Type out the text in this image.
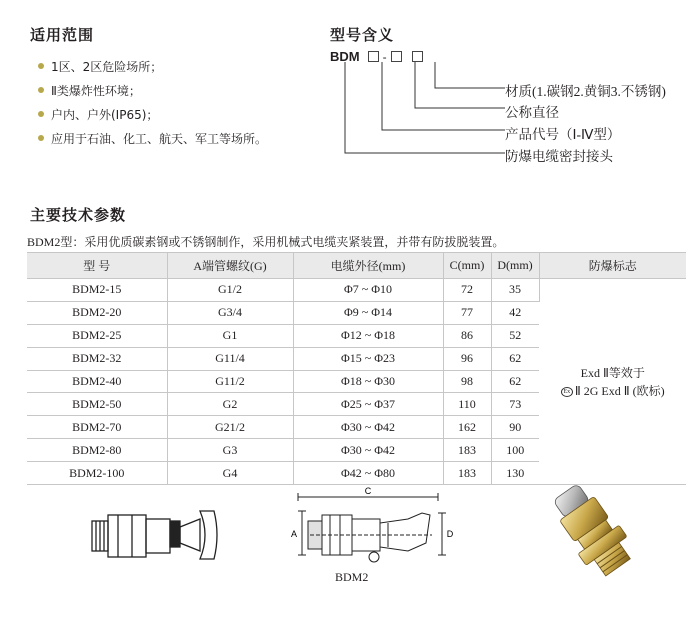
适用范围
1区、2区危险场所；
Ⅱ类爆炸性环境；
户内、户外(IP65)；
应用于石油、化工、航天、军工等场所。
型号含义
BDM -
材质(1.碳钢2.黄铜3.不锈钢)
公称直径
产品代号（Ⅰ-Ⅳ型）
防爆电缆密封接头
主要技术参数
BDM2型：采用优质碳素钢或不锈钢制作，采用机械式电缆夹紧装置，并带有防拔脱装置。
型 号	A端管螺纹(G)	电缆外径(mm)	C(mm)	D(mm)	防爆标志
BDM2-15	G1/2	Φ7 ~ Φ10	72	35	Exd Ⅱ等效于
Ex Ⅱ 2G Exd Ⅱ (欧标)

BDM2-20	G3/4	Φ9 ~ Φ14	77	42	
BDM2-25	G1	Φ12 ~ Φ18	86	52	
BDM2-32	G11/4	Φ15 ~ Φ23	96	62	
BDM2-40	G11/2	Φ18 ~ Φ30	98	62	
BDM2-50	G2	Φ25 ~ Φ37	110	73	
BDM2-70	G21/2	Φ30 ~ Φ42	162	90	
BDM2-80	G3	Φ30 ~ Φ42	183	100	
BDM2-100	G4	Φ42 ~ Φ80	183	130	
C
A	D
BDM2
